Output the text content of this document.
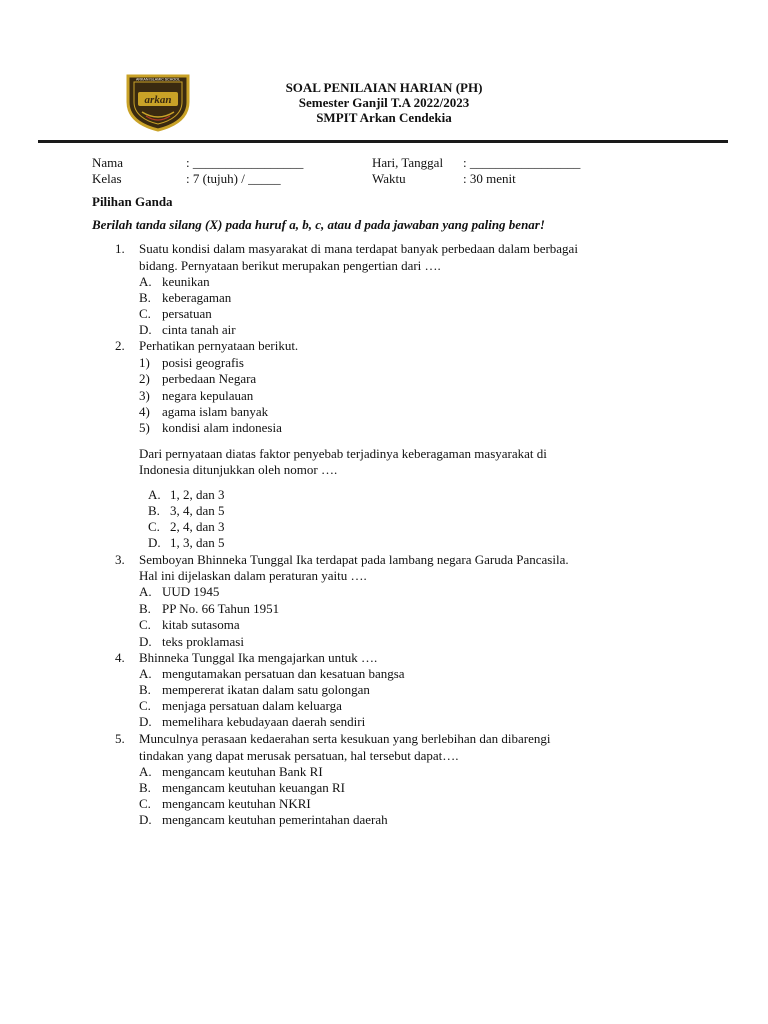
ARKAN ISLAMIC SCHOOL
arkan
SOAL PENILAIAN HARIAN (PH)
Semester Ganjil T.A 2022/2023
SMPIT Arkan Cendekia
Nama	: _________________	Hari, Tanggal : _________________
Kelas	: 7 (tujuh) / _____	Waktu	: 30 menit
Pilihan Ganda
Berilah tanda silang (X) pada huruf a, b, c, atau d pada jawaban yang paling benar!
1. Suatu kondisi dalam masyarakat di mana terdapat banyak perbedaan dalam berbagai
bidang. Pernyataan berikut merupakan pengertian dari ….
A. keunikan
B. keberagaman
C. persatuan
D. cinta tanah air
2. Perhatikan pernyataan berikut.
1) posisi geografis
2) perbedaan Negara
3) negara kepulauan
4) agama islam banyak
5) kondisi alam indonesia
Dari pernyataan diatas faktor penyebab terjadinya keberagaman masyarakat di
Indonesia ditunjukkan oleh nomor ….
A. 1, 2, dan 3
B. 3, 4, dan 5
C. 2, 4, dan 3
D. 1, 3, dan 5
3. Semboyan Bhinneka Tunggal Ika terdapat pada lambang negara Garuda Pancasila.
Hal ini dijelaskan dalam peraturan yaitu ….
A. UUD 1945
B. PP No. 66 Tahun 1951
C. kitab sutasoma
D. teks proklamasi
4. Bhinneka Tunggal Ika mengajarkan untuk ….
A. mengutamakan persatuan dan kesatuan bangsa
B. mempererat ikatan dalam satu golongan
C. menjaga persatuan dalam keluarga
D. memelihara kebudayaan daerah sendiri
5. Munculnya perasaan kedaerahan serta kesukuan yang berlebihan dan dibarengi
tindakan yang dapat merusak persatuan, hal tersebut dapat….
A. mengancam keutuhan Bank RI
B. mengancam keutuhan keuangan RI
C. mengancam keutuhan NKRI
D. mengancam keutuhan pemerintahan daerah
